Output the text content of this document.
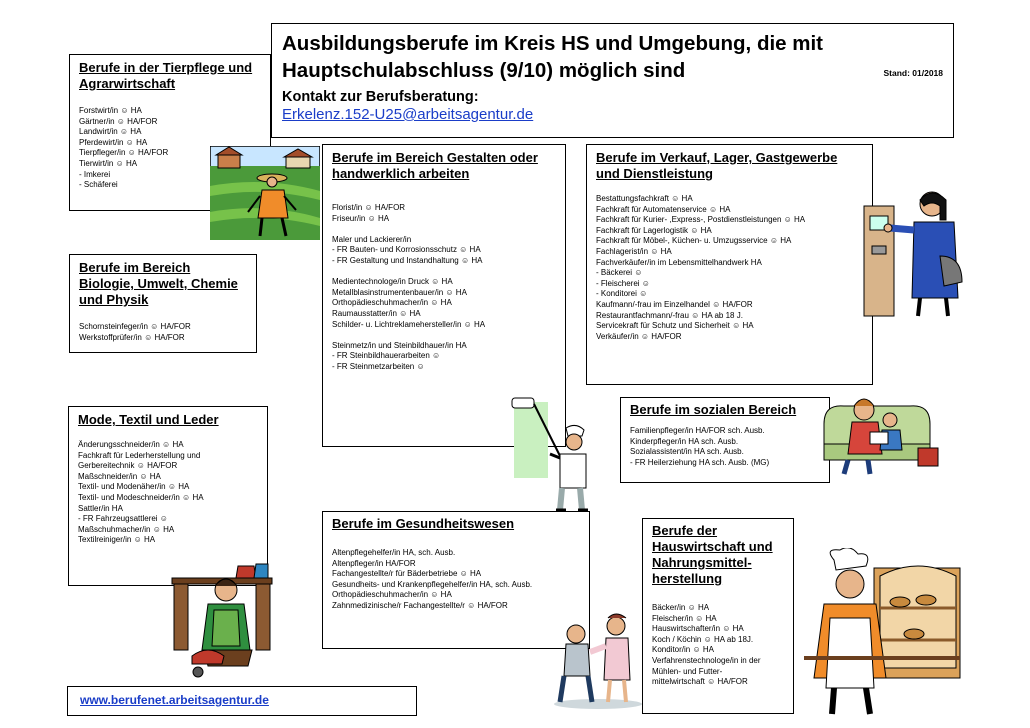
Ausbildungsberufe im Kreis HS und Umgebung, die mit Hauptschulabschluss (9/10) möglich sind	Stand: 01/2018
Kontakt zur Berufsberatung:
Erkelenz.152-U25@arbeitsagentur.de
Berufe in der Tierpflege und Agrarwirtschaft
Forstwirt/in ☺ HA
Gärtner/in ☺ HA/FOR
Landwirt/in ☺ HA
Pferdewirt/in ☺ HA
Tierpfleger/in ☺ HA/FOR
Tierwirt/in ☺ HA
- Imkerei
- Schäferei
Berufe im Bereich Biologie, Umwelt, Chemie und Physik
Schornsteinfeger/in ☺ HA/FOR
Werkstoffprüfer/in ☺ HA/FOR
Mode, Textil und Leder
Änderungsschneider/in ☺ HA
Fachkraft für Lederherstellung und
Gerbereitechnik ☺ HA/FOR
Maßschneider/in ☺ HA
Textil- und Modenäher/in ☺ HA
Textil- und Modeschneider/in ☺ HA
Sattler/in HA
- FR Fahrzeugsattlerei ☺
Maßschuhmacher/in ☺ HA
Textilreiniger/in ☺ HA
Berufe im Bereich Gestalten oder handwerklich arbeiten
Florist/in ☺ HA/FOR
Friseur/in ☺ HA
Maler und Lackierer/in
- FR Bauten- und Korrosionsschutz ☺ HA
- FR Gestaltung und Instandhaltung ☺ HA
Medientechnologe/in Druck ☺ HA
Metallblasinstrumentenbauer/in ☺ HA
Orthopädieschuhmacher/in ☺ HA
Raumausstatter/in ☺ HA
Schilder- u. Lichtreklamehersteller/in ☺ HA
Steinmetz/in und Steinbildhauer/in HA
- FR Steinbildhauerarbeiten ☺
- FR Steinmetzarbeiten ☺
Berufe im Verkauf, Lager, Gastgewerbe und Dienstleistung
Bestattungsfachkraft ☺ HA
Fachkraft für Automatenservice ☺ HA
Fachkraft für Kurier- ,Express-, Postdienstleistungen ☺ HA
Fachkraft für Lagerlogistik ☺ HA
Fachkraft für Möbel-, Küchen- u. Umzugsservice ☺ HA
Fachlagerist/in ☺ HA
Fachverkäufer/in im Lebensmittelhandwerk HA
- Bäckerei ☺
- Fleischerei ☺
- Konditorei ☺
Kaufmann/-frau im Einzelhandel ☺ HA/FOR
Restaurantfachmann/-frau ☺ HA ab 18 J.
Servicekraft für Schutz und Sicherheit ☺ HA
Verkäufer/in ☺ HA/FOR
Berufe im sozialen Bereich
Familienpfleger/in HA/FOR sch. Ausb.
Kinderpfleger/in HA sch. Ausb.
Sozialassistent/in HA sch. Ausb.
- FR Heilerziehung HA sch. Ausb. (MG)
Berufe im Gesundheitswesen
Altenpflegehelfer/in HA, sch. Ausb.
Altenpfleger/in HA/FOR
Fachangestellte/r für Bäderbetriebe ☺ HA
Gesundheits- und Krankenpflegehelfer/in HA, sch. Ausb.
Orthopädieschuhmacher/in ☺ HA
Zahnmedizinische/r Fachangestellte/r ☺ HA/FOR
Berufe der Hauswirtschaft und Nahrungsmittel-herstellung
Bäcker/in ☺ HA
Fleischer/in ☺ HA
Hauswirtschafter/in ☺ HA
Koch / Köchin ☺ HA ab 18J.
Konditor/in ☺ HA
Verfahrenstechnologe/in in der
Mühlen- und Futter-
mittelwirtschaft ☺ HA/FOR
www.berufenet.arbeitsagentur.de
